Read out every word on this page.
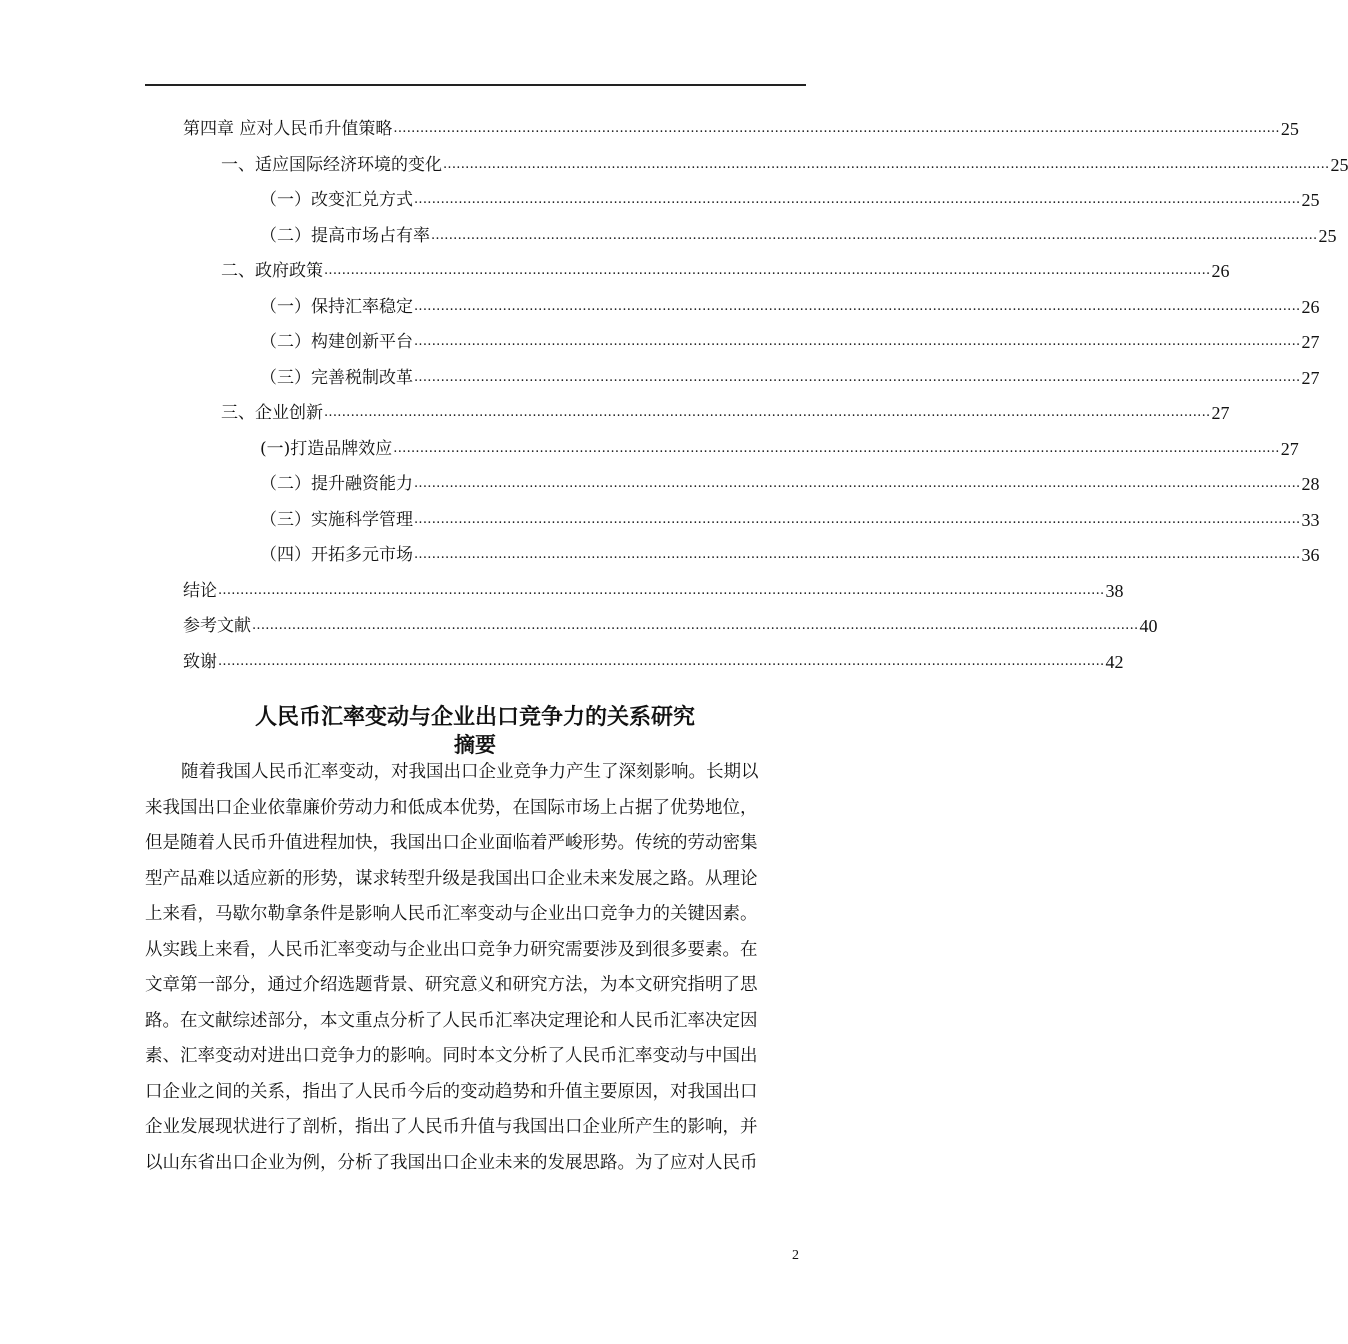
第四章 应对人民币升值策略 ........................................................................................................................................................................................................ 25
一、适应国际经济环境的变化 ........................................................................................................................................................................................................ 25
（一）改变汇兑方式 ........................................................................................................................................................................................................ 25
（二）提高市场占有率 ........................................................................................................................................................................................................ 25
二、政府政策 ........................................................................................................................................................................................................ 26
（一）保持汇率稳定 ........................................................................................................................................................................................................ 26
（二）构建创新平台 ........................................................................................................................................................................................................ 27
（三）完善税制改革 ........................................................................................................................................................................................................ 27
三、企业创新 ........................................................................................................................................................................................................ 27
(一)打造品牌效应 ........................................................................................................................................................................................................ 27
（二）提升融资能力 ........................................................................................................................................................................................................ 28
（三）实施科学管理 ........................................................................................................................................................................................................ 33
（四）开拓多元市场 ........................................................................................................................................................................................................ 36
结论 ........................................................................................................................................................................................................ 38
参考文献 ........................................................................................................................................................................................................ 40
致谢 ........................................................................................................................................................................................................ 42
人民币汇率变动与企业出口竞争力的关系研究
摘要
随着我国人民币汇率变动，对我国出口企业竞争力产生了深刻影响。长期以
来我国出口企业依靠廉价劳动力和低成本优势，在国际市场上占据了优势地位，
但是随着人民币升值进程加快，我国出口企业面临着严峻形势。传统的劳动密集
型产品难以适应新的形势，谋求转型升级是我国出口企业未来发展之路。从理论
上来看，马歇尔勒拿条件是影响人民币汇率变动与企业出口竞争力的关键因素。
从实践上来看，人民币汇率变动与企业出口竞争力研究需要涉及到很多要素。在
文章第一部分，通过介绍选题背景、研究意义和研究方法，为本文研究指明了思
路。在文献综述部分，本文重点分析了人民币汇率决定理论和人民币汇率决定因
素、汇率变动对进出口竞争力的影响。同时本文分析了人民币汇率变动与中国出
口企业之间的关系，指出了人民币今后的变动趋势和升值主要原因，对我国出口
企业发展现状进行了剖析，指出了人民币升值与我国出口企业所产生的影响，并
以山东省出口企业为例，分析了我国出口企业未来的发展思路。为了应对人民币
2
